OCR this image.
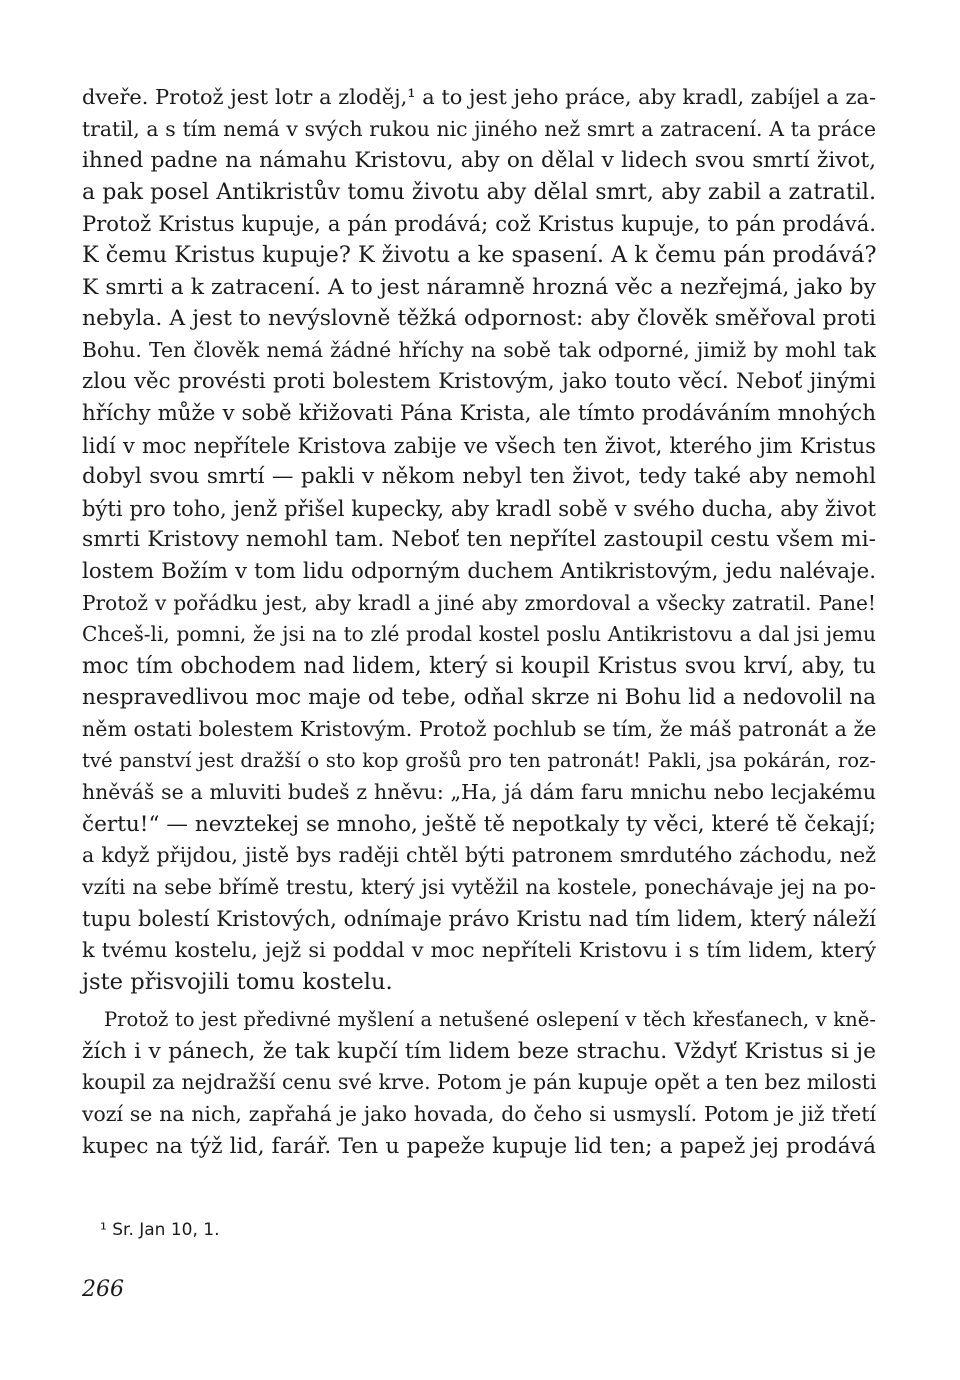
dveře. Protož jest lotr a zloděj,¹ a to jest jeho práce, aby kradl, zabíjel a za-
tratil, a s tím nemá v svých rukou nic jiného než smrt a zatracení. A ta práce
ihned padne na námahu Kristovu, aby on dělal v lidech svou smrtí život,
a pak posel Antikristův tomu životu aby dělal smrt, aby zabil a zatratil.
Protož Kristus kupuje, a pán prodává; což Kristus kupuje, to pán prodává.
K čemu Kristus kupuje? K životu a ke spasení. A k čemu pán prodává?
K smrti a k zatracení. A to jest náramně hrozná věc a nezřejmá, jako by
nebyla. A jest to nevýslovně těžká odpornost: aby člověk směřoval proti
Bohu. Ten člověk nemá žádné hříchy na sobě tak odporné, jimiž by mohl tak
zlou věc provésti proti bolestem Kristovým, jako touto věcí. Neboť jinými
hříchy může v sobě křižovati Pána Krista, ale tímto prodáváním mnohých
lidí v moc nepřítele Kristova zabije ve všech ten život, kterého jim Kristus
dobyl svou smrtí — pakli v někom nebyl ten život, tedy také aby nemohl
býti pro toho, jenž přišel kupecky, aby kradl sobě v svého ducha, aby život
smrti Kristovy nemohl tam. Neboť ten nepřítel zastoupil cestu všem mi-
lostem Božím v tom lidu odporným duchem Antikristovým, jedu nalévaje.
Protož v pořádku jest, aby kradl a jiné aby zmordoval a všecky zatratil. Pane!
Chceš-li, pomni, že jsi na to zlé prodal kostel poslu Antikristovu a dal jsi jemu
moc tím obchodem nad lidem, který si koupil Kristus svou krví, aby, tu
nespravedlivou moc maje od tebe, odňal skrze ni Bohu lid a nedovolil na
něm ostati bolestem Kristovým. Protož pochlub se tím, že máš patronát a že
tvé panství jest dražší o sto kop grošů pro ten patronát! Pakli, jsa pokárán, roz-
hněváš se a mluviti budeš z hněvu: „Ha, já dám faru mnichu nebo lecjakému
čertu!“ — nevztekej se mnoho, ještě tě nepotkaly ty věci, které tě čekají;
a když přijdou, jistě bys raději chtěl býti patronem smrdutého záchodu, než
vzíti na sebe břímě trestu, který jsi vytěžil na kostele, ponechávaje jej na po-
tupu bolestí Kristových, odnímaje právo Kristu nad tím lidem, který náleží
k tvému kostelu, jejž si poddal v moc nepříteli Kristovu i s tím lidem, který
jste přisvojili tomu kostelu.
Protož to jest předivné myšlení a netušené oslepení v těch křesťanech, v kně-
žích i v pánech, že tak kupčí tím lidem beze strachu. Vždyť Kristus si je
koupil za nejdražší cenu své krve. Potom je pán kupuje opět a ten bez milosti
vozí se na nich, zapřahá je jako hovada, do čeho si usmyslí. Potom je již třetí
kupec na týž lid, farář. Ten u papeže kupuje lid ten; a papež jej prodává
¹ Sr. Jan 10, 1.
266
